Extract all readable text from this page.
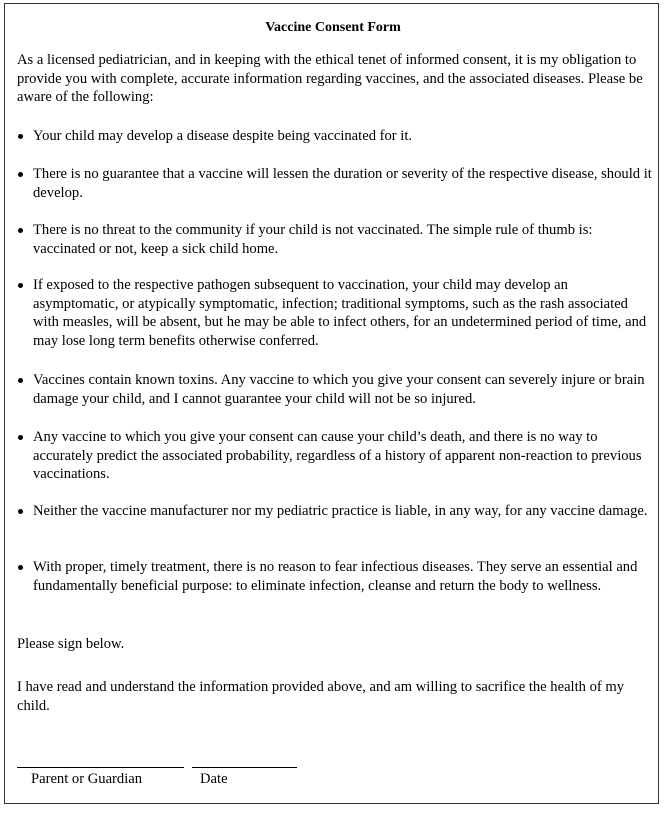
Vaccine Consent Form

As a licensed pediatrician, and in keeping with the ethical tenet of informed consent, it is my obligation to provide you with complete, accurate information regarding vaccines, and the associated diseases. Please be aware of the following:

Your child may develop a disease despite being vaccinated for it.
There is no guarantee that a vaccine will lessen the duration or severity of the respective disease, should it develop.
There is no threat to the community if your child is not vaccinated. The simple rule of thumb is: vaccinated or not, keep a sick child home.
If exposed to the respective pathogen subsequent to vaccination, your child may develop an asymptomatic, or atypically symptomatic, infection; traditional symptoms, such as the rash associated with measles, will be absent, but he may be able to infect others, for an undetermined period of time, and may lose long term benefits otherwise conferred.
Vaccines contain known toxins. Any vaccine to which you give your consent can severely injure or brain damage your child, and I cannot guarantee your child will not be so injured.
Any vaccine to which you give your consent can cause your child’s death, and there is no way to accurately predict the associated probability, regardless of a history of apparent non-reaction to previous vaccinations.
Neither the vaccine manufacturer nor my pediatric practice is liable, in any way, for any vaccine damage.
With proper, timely treatment, there is no reason to fear infectious diseases. They serve an essential and fundamentally beneficial purpose: to eliminate infection, cleanse and return the body to wellness.

Please sign below.

I have read and understand the information provided above, and am willing to sacrifice the health of my child.

Parent or Guardian	Date
